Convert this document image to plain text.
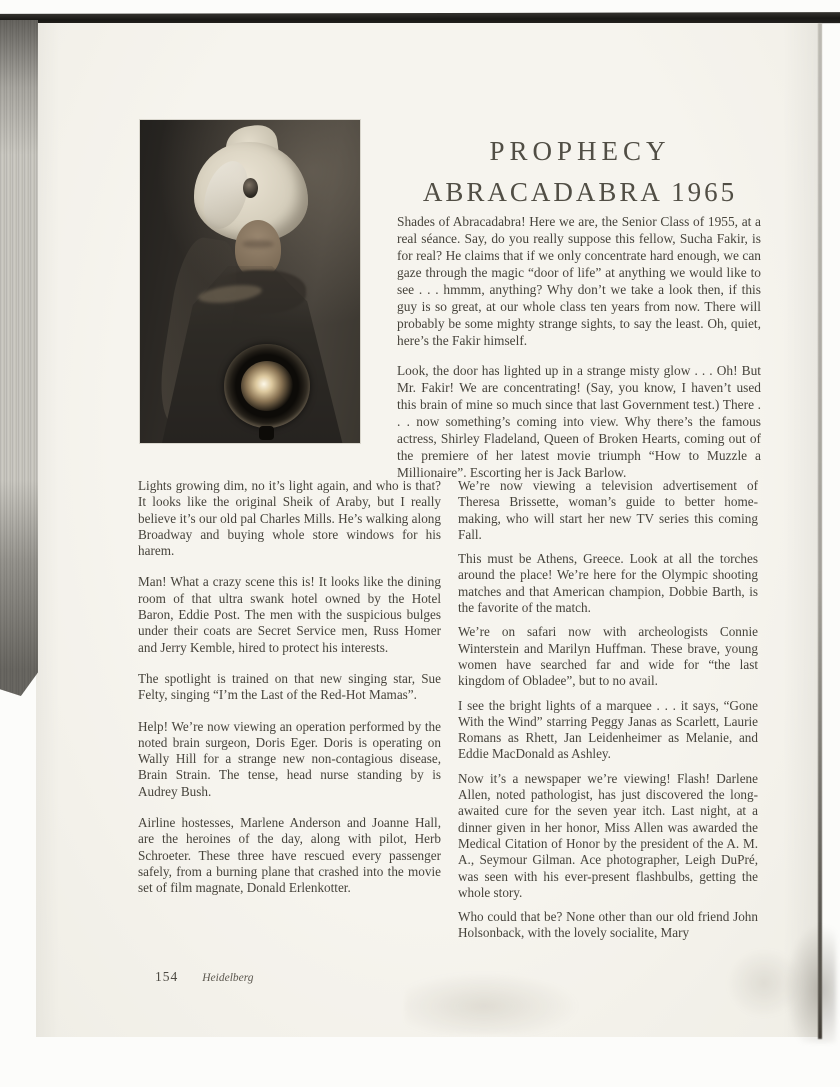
PROPHECY
ABRACADABRA 1965

Shades of Abracadabra! Here we are, the Senior Class of 1955, at a real séance. Say, do you really suppose this fellow, Sucha Fakir, is for real? He claims that if we only concentrate hard enough, we can gaze through the magic “door of life” at anything we would like to see . . . hmmm, anything? Why don’t we take a look then, if this guy is so great, at our whole class ten years from now. There will probably be some mighty strange sights, to say the least. Oh, quiet, here’s the Fakir himself.

Look, the door has lighted up in a strange misty glow . . . Oh! But Mr. Fakir! We are concentrating! (Say, you know, I haven’t used this brain of mine so much since that last Government test.) There . . . now something’s coming into view. Why there’s the famous actress, Shirley Fladeland, Queen of Broken Hearts, coming out of the premiere of her latest movie triumph “How to Muzzle a Millionaire”. Escorting her is Jack Barlow.

Lights growing dim, no it’s light again, and who is that? It looks like the original Sheik of Araby, but I really believe it’s our old pal Charles Mills. He’s walking along Broadway and buying whole store windows for his harem.

Man! What a crazy scene this is! It looks like the dining room of that ultra swank hotel owned by the Hotel Baron, Eddie Post. The men with the suspicious bulges under their coats are Secret Service men, Russ Homer and Jerry Kemble, hired to protect his interests.

The spotlight is trained on that new singing star, Sue Felty, singing “I’m the Last of the Red-Hot Mamas”.

Help! We’re now viewing an operation performed by the noted brain surgeon, Doris Eger. Doris is operating on Wally Hill for a strange new non-contagious disease, Brain Strain. The tense, head nurse standing by is Audrey Bush.

Airline hostesses, Marlene Anderson and Joanne Hall, are the heroines of the day, along with pilot, Herb Schroeter. These three have rescued every passenger safely, from a burning plane that crashed into the movie set of film magnate, Donald Erlenkotter.

We’re now viewing a television advertisement of Theresa Brissette, woman’s guide to better home-making, who will start her new TV series this coming Fall.

This must be Athens, Greece. Look at all the torches around the place! We’re here for the Olympic shooting matches and that American champion, Dobbie Barth, is the favorite of the match.

We’re on safari now with archeologists Connie Winterstein and Marilyn Huffman. These brave, young women have searched far and wide for “the last kingdom of Obladee”, but to no avail.

I see the bright lights of a marquee . . . it says, “Gone With the Wind” starring Peggy Janas as Scarlett, Laurie Romans as Rhett, Jan Leidenheimer as Melanie, and Eddie MacDonald as Ashley.

Now it’s a newspaper we’re viewing! Flash! Darlene Allen, noted pathologist, has just discovered the long-awaited cure for the seven year itch. Last night, at a dinner given in her honor, Miss Allen was awarded the Medical Citation of Honor by the president of the A. M. A., Seymour Gilman. Ace photographer, Leigh DuPré, was seen with his ever-present flashbulbs, getting the whole story.

Who could that be? None other than our old friend John Holsonback, with the lovely socialite, Mary

154 Heidelberg
